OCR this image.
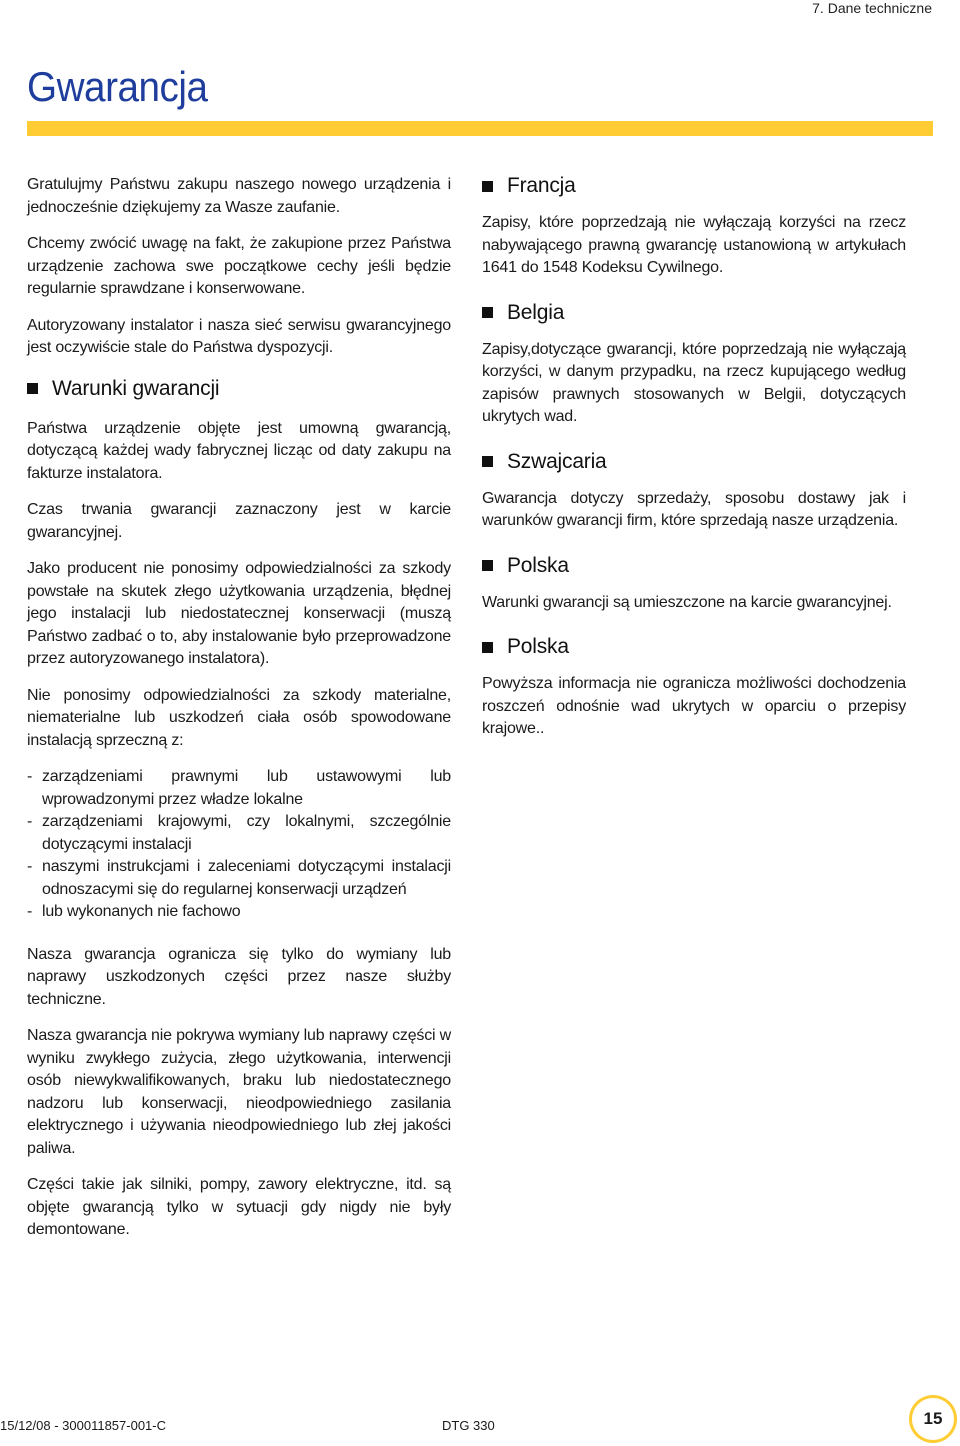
7. Dane techniczne
Gwarancja

Gratulujmy Państwu zakupu naszego nowego urządzenia i jednocześnie dziękujemy za Wasze zaufanie.

Chcemy zwócić uwagę na fakt, że zakupione przez Państwa urządzenie zachowa swe początkowe cechy jeśli będzie regularnie sprawdzane i konserwowane.

Autoryzowany instalator i nasza sieć serwisu gwarancyjnego jest oczywiście stale do Państwa dyspozycji.

Warunki gwarancji

Państwa urządzenie objęte jest umowną gwarancją, dotyczącą każdej wady fabrycznej licząc od daty zakupu na fakturze instalatora.

Czas trwania gwarancji zaznaczony jest w karcie gwarancyjnej.

Jako producent nie ponosimy odpowiedzialności za szkody powstałe na skutek złego użytkowania urządzenia, błędnej jego instalacji lub niedostatecznej konserwacji (muszą Państwo zadbać o to, aby instalowanie było przeprowadzone przez autoryzowanego instalatora).

Nie ponosimy odpowiedzialności za szkody materialne, niematerialne lub uszkodzeń ciała osób spowodowane instalacją sprzeczną z:

- zarządzeniami prawnymi lub ustawowymi lub wprowadzonymi przez władze lokalne
- zarządzeniami krajowymi, czy lokalnymi, szczególnie dotyczącymi instalacji
- naszymi instrukcjami i zaleceniami dotyczącymi instalacji odnoszacymi się do regularnej konserwacji urządzeń
- lub wykonanych nie fachowo

Nasza gwarancja ogranicza się tylko do wymiany lub naprawy uszkodzonych części przez nasze służby techniczne.

Nasza gwarancja nie pokrywa wymiany lub naprawy części w wyniku zwykłego zużycia, złego użytkowania, interwencji osób niewykwalifikowanych, braku lub niedostatecznego nadzoru lub konserwacji, nieodpowiedniego zasilania elektrycznego i używania nieodpowiedniego lub złej jakości paliwa.

Części takie jak silniki, pompy, zawory elektryczne, itd. są objęte gwarancją tylko w sytuacji gdy nigdy nie były demontowane.

Francja

Zapisy, które poprzedzają nie wyłączają korzyści na rzecz nabywającego prawną gwarancję ustanowioną w artykułach 1641 do 1548 Kodeksu Cywilnego.

Belgia

Zapisy,dotyczące gwarancji, które poprzedzają nie wyłączają korzyści, w danym przypadku, na rzecz kupującego według zapisów prawnych stosowanych w Belgii, dotyczących ukrytych wad.

Szwajcaria

Gwarancja dotyczy sprzedaży, sposobu dostawy jak i warunków gwarancji firm, które sprzedają nasze urządzenia.

Polska

Warunki gwarancji są umieszczone na karcie gwarancyjnej.

Polska

Powyższa informacja nie ogranicza możliwości dochodzenia roszczeń odnośnie wad ukrytych w oparciu o przepisy krajowe..

15/12/08 - 300011857-001-C	DTG 330	15
